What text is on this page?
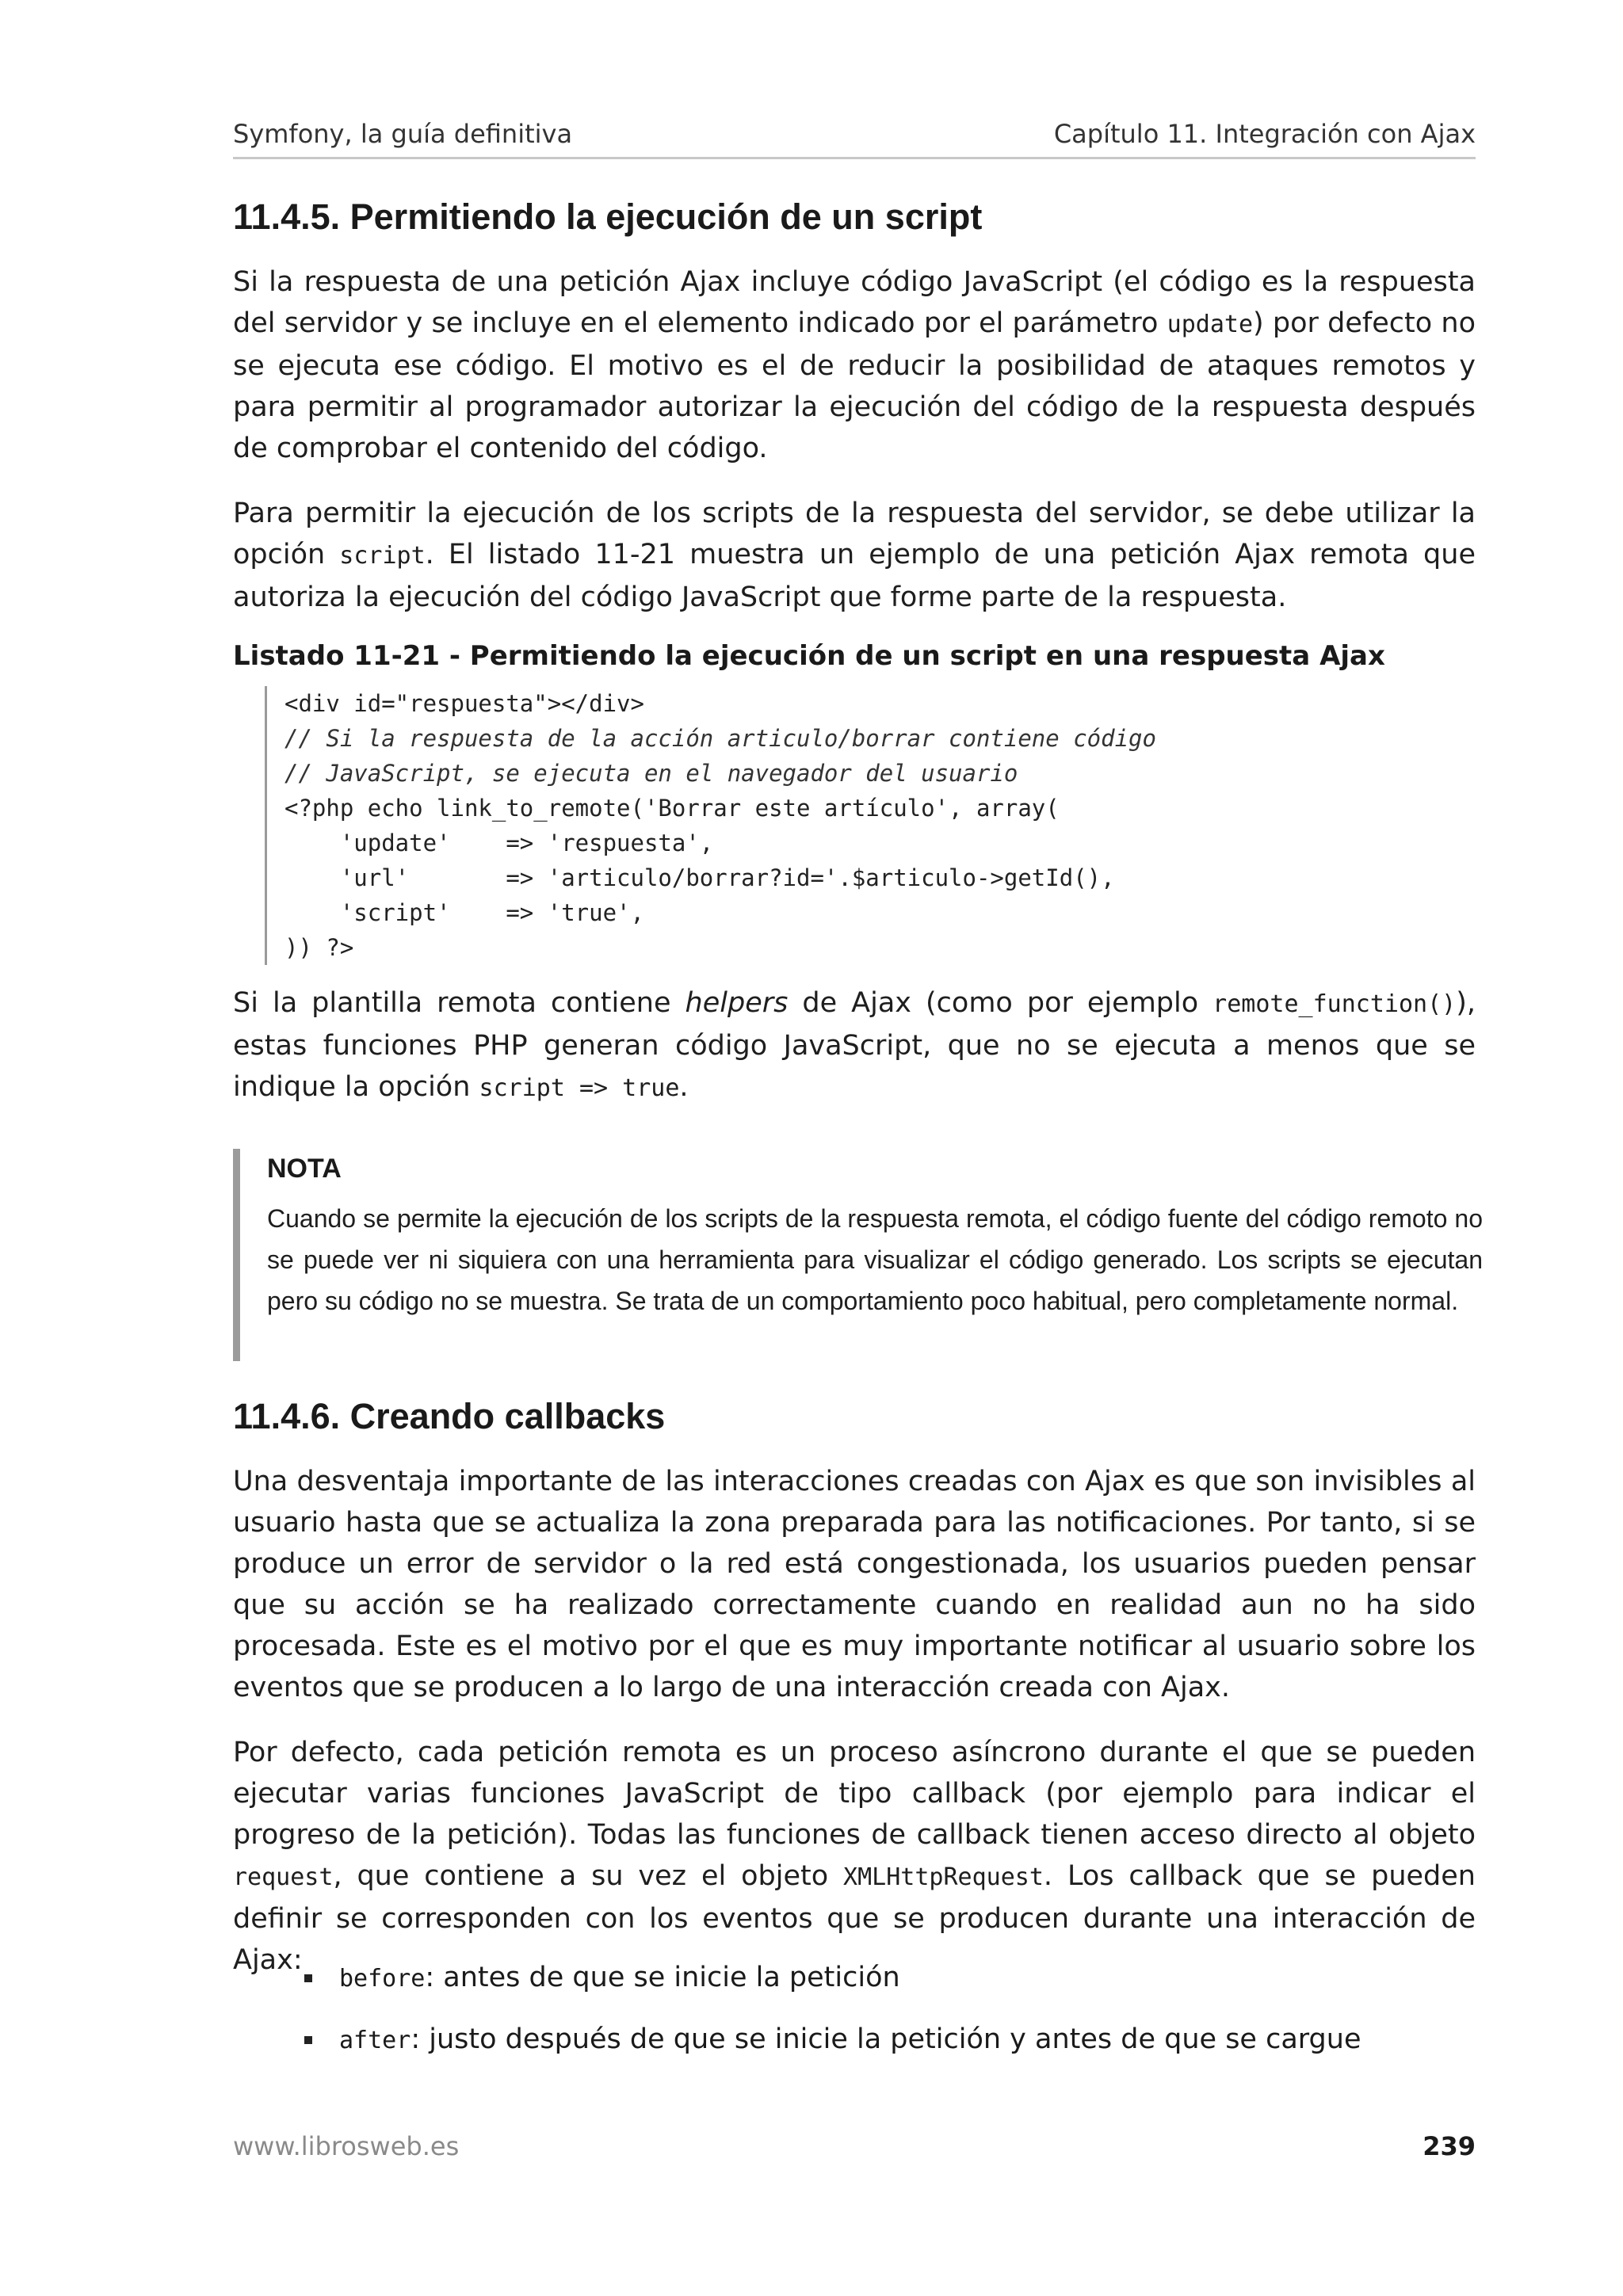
Symfony, la guía definitiva	Capítulo 11. Integración con Ajax
11.4.5. Permitiendo la ejecución de un script

Si la respuesta de una petición Ajax incluye código JavaScript (el código es la respuesta del servidor y se incluye en el elemento indicado por el parámetro update) por defecto no se ejecuta ese código. El motivo es el de reducir la posibilidad de ataques remotos y para permitir al programador autorizar la ejecución del código de la respuesta después de comprobar el contenido del código.

Para permitir la ejecución de los scripts de la respuesta del servidor, se debe utilizar la opción script. El listado 11-21 muestra un ejemplo de una petición Ajax remota que autoriza la ejecución del código JavaScript que forme parte de la respuesta.

Listado 11-21 - Permitiendo la ejecución de un script en una respuesta Ajax

<div id="respuesta"></div>
// Si la respuesta de la acción articulo/borrar contiene código
// JavaScript, se ejecuta en el navegador del usuario
<?php echo link_to_remote('Borrar este artículo', array(
'update'    => 'respuesta',
'url'       => 'articulo/borrar?id='.$articulo->getId(),
'script'    => 'true',
)) ?>

Si la plantilla remota contiene helpers de Ajax (como por ejemplo remote_function()), estas funciones PHP generan código JavaScript, que no se ejecuta a menos que se indique la opción script => true.

NOTA

Cuando se permite la ejecución de los scripts de la respuesta remota, el código fuente del código remoto no se puede ver ni siquiera con una herramienta para visualizar el código generado. Los scripts se ejecutan pero su código no se muestra. Se trata de un comportamiento poco habitual, pero completamente normal.

11.4.6. Creando callbacks

Una desventaja importante de las interacciones creadas con Ajax es que son invisibles al usuario hasta que se actualiza la zona preparada para las notificaciones. Por tanto, si se produce un error de servidor o la red está congestionada, los usuarios pueden pensar que su acción se ha realizado correctamente cuando en realidad aun no ha sido procesada. Este es el motivo por el que es muy importante notificar al usuario sobre los eventos que se producen a lo largo de una interacción creada con Ajax.

Por defecto, cada petición remota es un proceso asíncrono durante el que se pueden ejecutar varias funciones JavaScript de tipo callback (por ejemplo para indicar el progreso de la petición). Todas las funciones de callback tienen acceso directo al objeto request, que contiene a su vez el objeto XMLHttpRequest. Los callback que se pueden definir se corresponden con los eventos que se producen durante una interacción de Ajax:

before: antes de que se inicie la petición
after: justo después de que se inicie la petición y antes de que se cargue
www.librosweb.es	239
